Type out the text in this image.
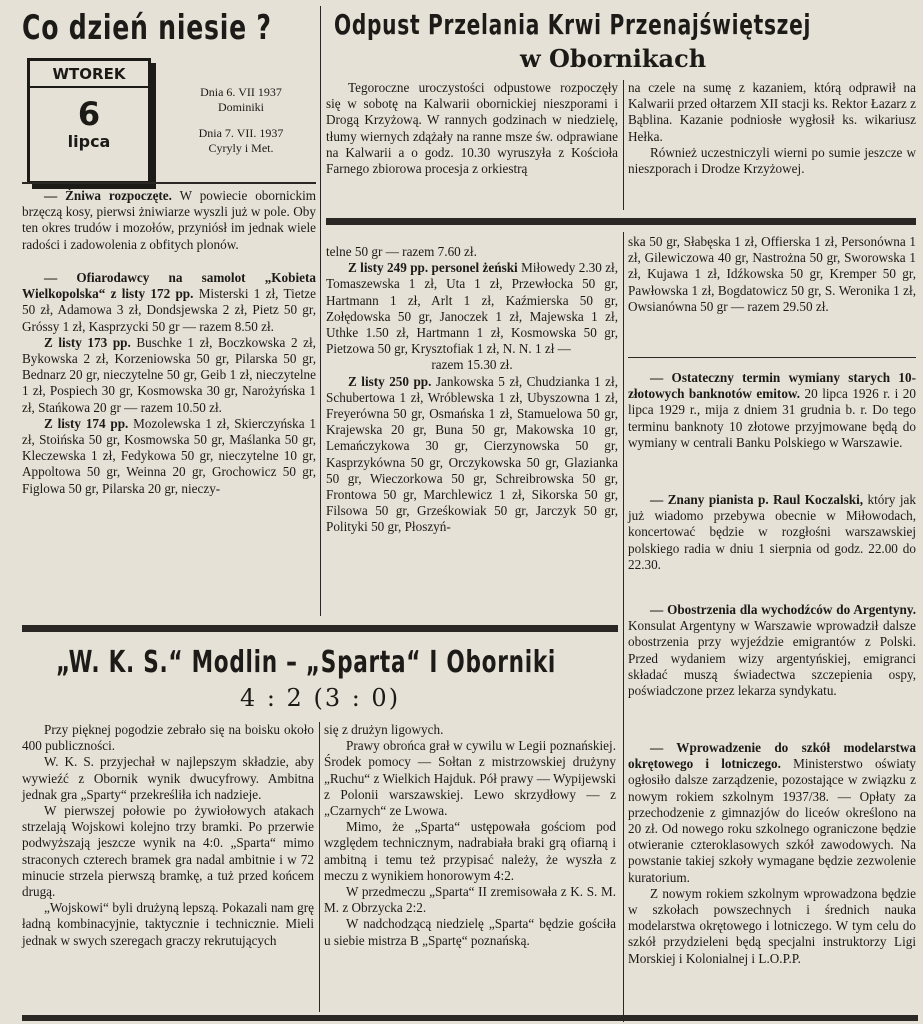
Co dzień niesie ?
WTOREK
6
lipca
Dnia 6. VII 1937
Dominiki
Dnia 7. VII. 1937
Cyryly i Met.

— Żniwa rozpoczęte. W powiecie obornickim brzęczą kosy, pierwsi żniwiarze wyszli już w pole. Oby ten okres trudów i mozołów, przyniósł im jednak wiele radości i zadowolenia z obfitych plonów.

— Ofiarodawcy na samolot „Kobieta Wielkopolska“ z listy 172 pp. Misterski 1 zł, Tietze 50 zł, Adamowa 3 zł, Dondsjewska 2 zł, Pietz 50 gr, Gróssy 1 zł, Kasprzycki 50 gr — razem 8.50 zł.

Z listy 173 pp. Buschke 1 zł, Boczkowska 2 zł, Bykowska 2 zł, Korzeniowska 50 gr, Pilarska 50 gr, Bednarz 20 gr, nieczytelne 50 gr, Geib 1 zł, nieczytelne 1 zł, Pospiech 30 gr, Kosmowska 30 gr, Narożyńska 1 zł, Stańkowa 20 gr — razem 10.50 zł.

Z listy 174 pp. Mozolewska 1 zł, Skierczyńska 1 zł, Stoińska 50 gr, Kosmowska 50 gr, Maślanka 50 gr, Kleczewska 1 zł, Fedykowa 50 gr, nieczytelne 10 gr, Appoltowa 50 gr, Weinna 20 gr, Grochowicz 50 gr, Figlowa 50 gr, Pilarska 20 gr, nieczy-

Odpust Przelania Krwi Przenajświętszej
w Obornikach

Tegoroczne uroczystości odpustowe rozpoczęły się w sobotę na Kalwarii obornickiej nieszporami i Drogą Krzyżową. W rannych godzinach w niedzielę, tłumy wiernych zdążały na ranne msze św. odprawiane na Kalwarii a o godz. 10.30 wyruszyła z Kościoła Farnego zbiorowa procesja z orkiestrą

na czele na sumę z kazaniem, którą odprawił na Kalwarii przed ołtarzem XII stacji ks. Rektor Łazarz z Bąblina. Kazanie podniosłe wygłosił ks. wikariusz Hełka.

Również uczestniczyli wierni po sumie jeszcze w nieszporach i Drodze Krzyżowej.

telne 50 gr — razem 7.60 zł.

Z listy 249 pp. personel żeński Miłowedy 2.30 zł, Tomaszewska 1 zł, Uta 1 zł, Przewłocka 50 gr, Hartmann 1 zł, Arlt 1 zł, Kaźmierska 50 gr, Zołędowska 50 gr, Janoczek 1 zł, Majewska 1 zł, Uthke 1.50 zł, Hartmann 1 zł, Kosmowska 50 gr, Pietzowa 50 gr, Krysztofiak 1 zł, N. N. 1 zł —

razem 15.30 zł.

Z listy 250 pp. Jankowska 5 zł, Chudzianka 1 zł, Schubertowa 1 zł, Wróblewska 1 zł, Ubyszowna 1 zł, Freyerówna 50 gr, Osmańska 1 zł, Stamuelowa 50 gr, Krajewska 20 gr, Buna 50 gr, Makowska 10 gr, Lemańczykowa 30 gr, Cierzynowska 50 gr, Kasprzykówna 50 gr, Orczykowska 50 gr, Glazianka 50 gr, Wieczorkowa 50 gr, Schreibrowska 50 gr, Frontowa 50 gr, Marchlewicz 1 zł, Sikorska 50 gr, Filsowa 50 gr, Grześkowiak 50 gr, Jarczyk 50 gr, Polityki 50 gr, Płoszyń-

ska 50 gr, Słabęska 1 zł, Offierska 1 zł, Personówna 1 zł, Gilewiczowa 40 gr, Nastrożna 50 gr, Sworowska 1 zł, Kujawa 1 zł, Idźkowska 50 gr, Kremper 50 gr, Pawłowska 1 zł, Bogdatowicz 50 gr, S. Weronika 1 zł, Owsianówna 50 gr — razem 29.50 zł.

— Ostateczny termin wymiany starych 10-złotowych banknotów emitow. 20 lipca 1926 r. i 20 lipca 1929 r., mija z dniem 31 grudnia b. r. Do tego terminu banknoty 10 złotowe przyjmowane będą do wymiany w centrali Banku Polskiego w Warszawie.

— Znany pianista p. Raul Koczalski, który jak już wiadomo przebywa obecnie w Miłowodach, koncertować będzie w rozgłośni warszawskiej polskiego radia w dniu 1 sierpnia od godz. 22.00 do 22.30.

— Obostrzenia dla wychodźców do Argentyny. Konsulat Argentyny w Warszawie wprowadził dalsze obostrzenia przy wyjeździe emigrantów z Polski. Przed wydaniem wizy argentyńskiej, emigranci składać muszą świadectwa szczepienia ospy, poświadczone przez lekarza syndykatu.

— Wprowadzenie do szkół modelarstwa okrętowego i lotniczego. Ministerstwo oświaty ogłosiło dalsze zarządzenie, pozostające w związku z nowym rokiem szkolnym 1937/38. — Opłaty za przechodzenie z gimnazjów do liceów określono na 20 zł. Od nowego roku szkolnego ograniczone będzie otwieranie czteroklasowych szkół zawodowych. Na powstanie takiej szkoły wymagane będzie zezwolenie kuratorium.

Z nowym rokiem szkolnym wprowadzona będzie w szkołach powszechnych i średnich nauka modelarstwa okrętowego i lotniczego. W tym celu do szkół przydzieleni będą specjalni instruktorzy Ligi Morskiej i Kolonialnej i L.O.P.P.

„W. K. S.“ Modlin – „Sparta“ I Oborniki
4 : 2 (3 : 0)

Przy pięknej pogodzie zebrało się na boisku około 400 publiczności.

W. K. S. przyjechał w najlepszym składzie, aby wywieźć z Obornik wynik dwucyfrowy. Ambitna jednak gra „Sparty“ przekreśliła ich nadzieje.

W pierwszej połowie po żywiołowych atakach strzelają Wojskowi kolejno trzy bramki. Po przerwie podwyższają jeszcze wynik na 4:0. „Sparta“ mimo straconych czterech bramek gra nadal ambitnie i w 72 minucie strzela pierwszą bramkę, a tuż przed końcem drugą.

„Wojskowi“ byli drużyną lepszą. Pokazali nam grę ładną kombinacyjnie, taktycznie i technicznie. Mieli jednak w swych szeregach graczy rekrutujących

się z drużyn ligowych.

Prawy obrońca grał w cywilu w Legii poznańskiej. Środek pomocy — Sołtan z mistrzowskiej drużyny „Ruchu“ z Wielkich Hajduk. Pół prawy — Wypijewski z Polonii warszawskiej. Lewo skrzydłowy — z „Czarnych“ ze Lwowa.

Mimo, że „Sparta“ ustępowała gościom pod względem technicznym, nadrabiała braki grą ofiarną i ambitną i temu też przypisać należy, że wyszła z meczu z wynikiem honorowym 4:2.

W przedmeczu „Sparta“ II zremisowała z K. S. M. M. z Obrzycka 2:2.

W nadchodzącą niedzielę „Sparta“ będzie gościła u siebie mistrza B „Spartę“ poznańską.
